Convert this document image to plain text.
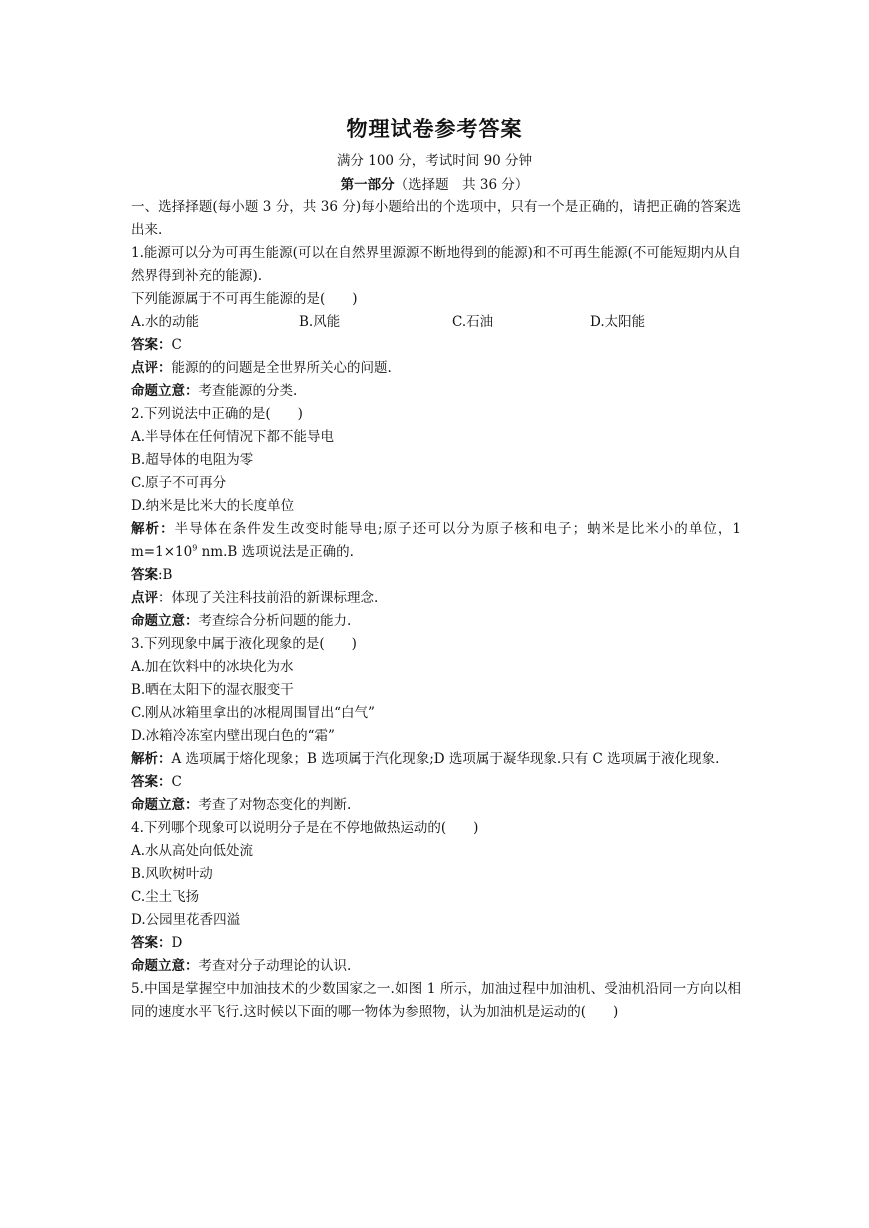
物理试卷参考答案
满分 100 分，考试时间 90 分钟
第一部分（选择题　共 36 分）

一、选择择题(每小题 3 分，共 36 分)每小题给出的个选项中，只有一个是正确的，请把正确的答案选出来.

1.能源可以分为可再生能源(可以在自然界里源源不断地得到的能源)和不可再生能源(不可能短期内从自然界得到补充的能源).

下列能源属于不可再生能源的是(　　)

A.水的动能	B.风能	C.石油	D.太阳能

答案：C

点评：能源的的问题是全世界所关心的问题.

命题立意：考查能源的分类.

2.下列说法中正确的是(　　)

A.半导体在任何情况下都不能导电

B.超导体的电阻为零

C.原子不可再分

D.纳米是比米大的长度单位

解析：半导体在条件发生改变时能导电;原子还可以分为原子核和电子；蚋米是比米小的单位，1　$m=1\times 10^9$ nm.B 选项说法是正确的.

答案:B

点评：体现了关注科技前沿的新课标理念.

命题立意：考查综合分析问题的能力.

3.下列现象中属于液化现象的是(　　)

A.加在饮料中的冰块化为水

B.晒在太阳下的湿衣服变干

C.刚从冰箱里拿出的冰棍周围冒出“白气”

D.冰箱冷冻室内壁出现白色的“霜”

解析：A 选项属于熔化现象；B 选项属于汽化现象;D 选项属于凝华现象.只有 C 选项属于液化现象.

答案：C

命题立意：考查了对物态变化的判断.

4.下列哪个现象可以说明分子是在不停地做热运动的(　　)

A.水从高处向低处流

B.风吹树叶动

C.尘土飞扬

D.公园里花香四溢

答案：D

命题立意：考查对分子动理论的认识.

5.中国是掌握空中加油技术的少数国家之一.如图 1 所示，加油过程中加油机、受油机沿同一方向以相同的速度水平飞行.这时候以下面的哪一物体为参照物，认为加油机是运动的(　　)
